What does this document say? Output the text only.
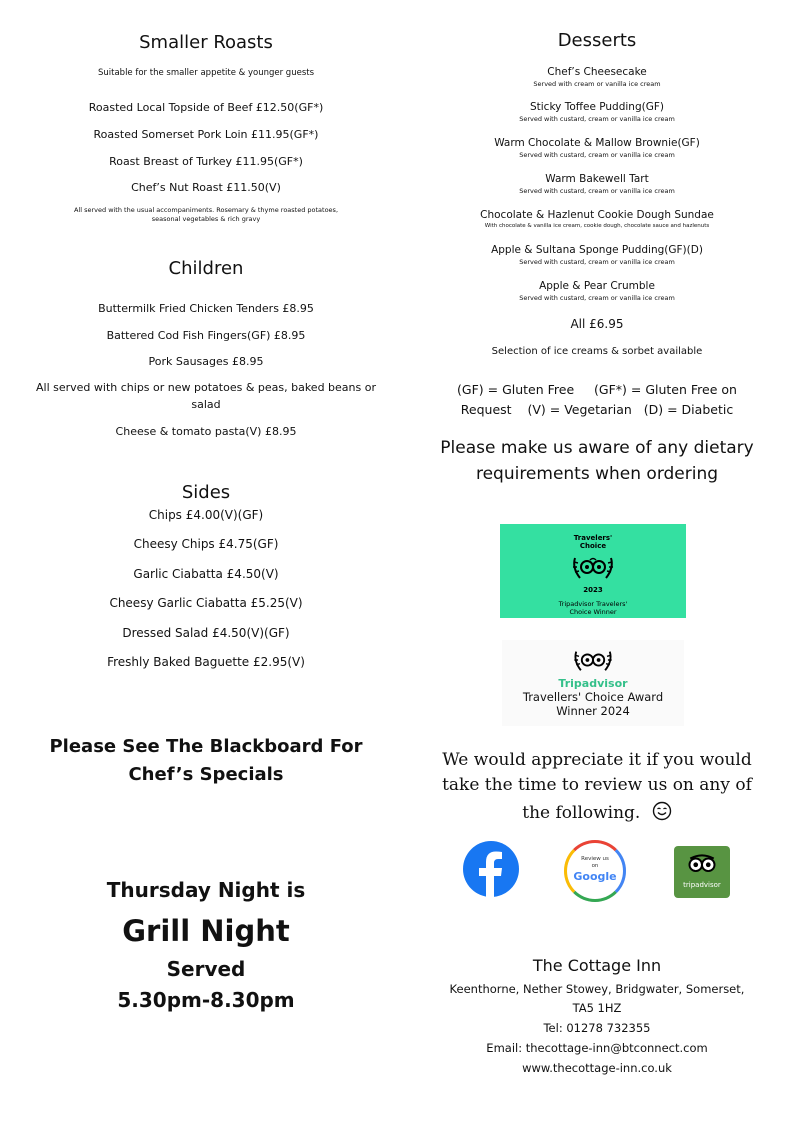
Smaller Roasts
Suitable for the smaller appetite & younger guests
Roasted Local Topside of Beef £12.50(GF*)
Roasted Somerset Pork Loin £11.95(GF*)
Roast Breast of Turkey £11.95(GF*)
Chef’s Nut Roast £11.50(V)
All served with the usual accompaniments. Rosemary & thyme roasted potatoes,
seasonal vegetables & rich gravy
Children
Buttermilk Fried Chicken Tenders £8.95
Battered Cod Fish Fingers(GF) £8.95
Pork Sausages £8.95
All served with chips or new potatoes & peas, baked beans or
salad
Cheese & tomato pasta(V) £8.95
Sides
Chips £4.00(V)(GF)
Cheesy Chips £4.75(GF)
Garlic Ciabatta £4.50(V)
Cheesy Garlic Ciabatta £5.25(V)
Dressed Salad £4.50(V)(GF)
Freshly Baked Baguette £2.95(V)
Please See The Blackboard For
Chef’s Specials
Thursday Night is
Grill Night
Served
5.30pm-8.30pm
Desserts
Chef’s Cheesecake
Served with cream or vanilla ice cream
Sticky Toffee Pudding(GF)
Served with custard, cream or vanilla ice cream
Warm Chocolate & Mallow Brownie(GF)
Served with custard, cream or vanilla ice cream
Warm Bakewell Tart
Served with custard, cream or vanilla ice cream
Chocolate & Hazlenut Cookie Dough Sundae
With chocolate & vanilla ice cream, cookie dough, chocolate sauce and hazlenuts
Apple & Sultana Sponge Pudding(GF)(D)
Served with custard, cream or vanilla ice cream
Apple & Pear Crumble
Served with custard, cream or vanilla ice cream
All £6.95
Selection of ice creams & sorbet available
(GF) = Gluten Free     (GF*) = Gluten Free on
Request    (V) = Vegetarian   (D) = Diabetic
Please make us aware of any dietary
requirements when ordering
Travelers'
Choice
2023
Tripadvisor Travelers'
Choice Winner
Tripadvisor
Travellers' Choice Award
Winner 2024
We would appreciate it if you would
take the time to review us on any of
the following.
Review us
on
Google
tripadvisor
The Cottage Inn
Keenthorne, Nether Stowey, Bridgwater, Somerset,
TA5 1HZ
Tel: 01278 732355
Email: thecottage-inn@btconnect.com
www.thecottage-inn.co.uk
